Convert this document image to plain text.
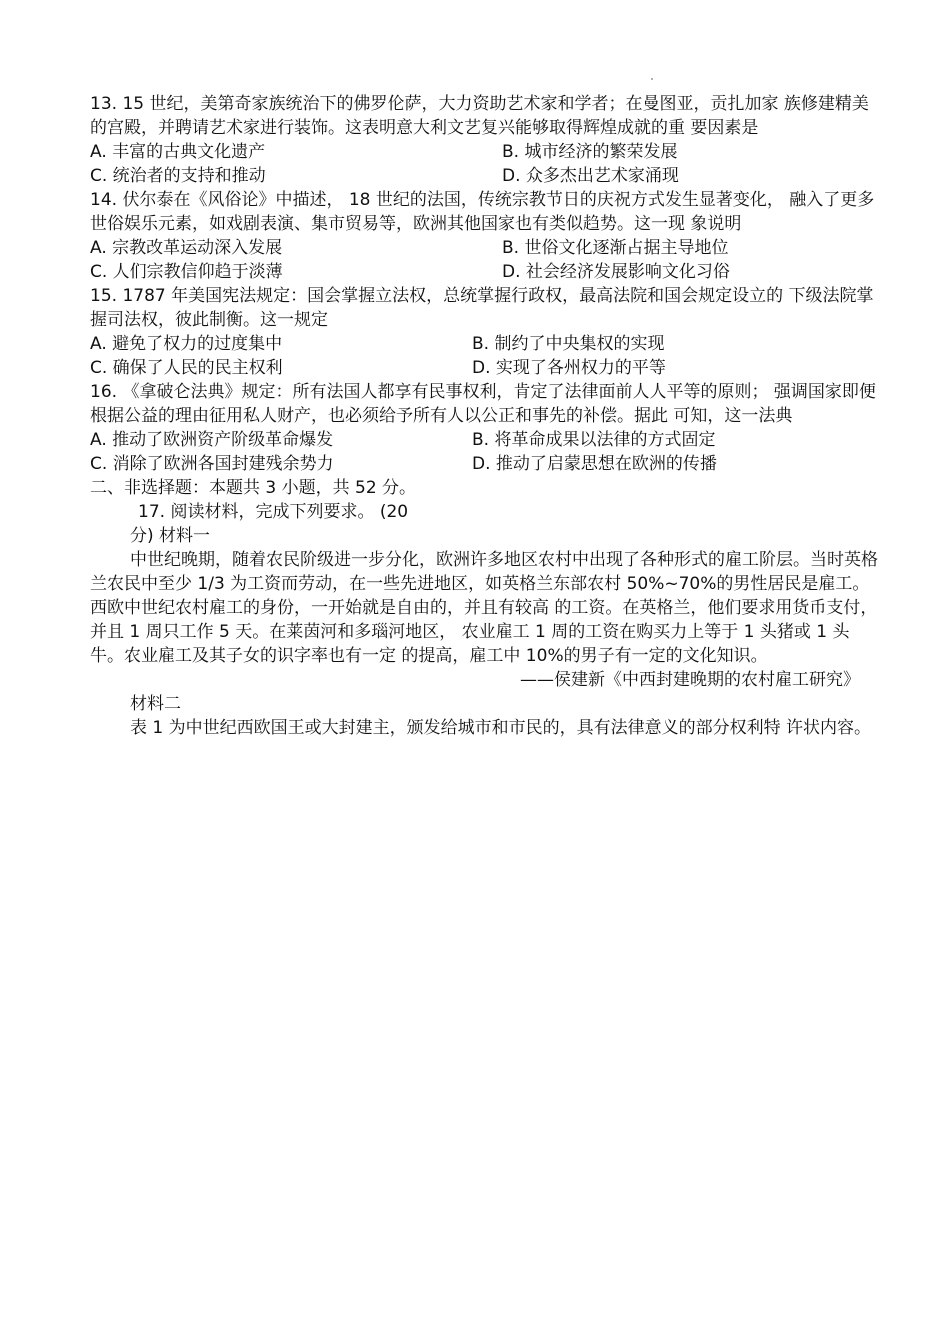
13. 15 世纪，美第奇家族统治下的佛罗伦萨，大力资助艺术家和学者；在曼图亚，贡扎加家 族修建精美的宫殿，并聘请艺术家进行装饰。这表明意大利文艺复兴能够取得辉煌成就的重 要因素是

A. 丰富的古典文化遗产	B. 城市经济的繁荣发展
C. 统治者的支持和推动	D. 众多杰出艺术家涌现

14. 伏尔泰在《风俗论》中描述， 18 世纪的法国，传统宗教节日的庆祝方式发生显著变化， 融入了更多世俗娱乐元素，如戏剧表演、集市贸易等，欧洲其他国家也有类似趋势。这一现 象说明

A. 宗教改革运动深入发展	B. 世俗文化逐渐占据主导地位
C. 人们宗教信仰趋于淡薄	D. 社会经济发展影响文化习俗

15. 1787 年美国宪法规定：国会掌握立法权，总统掌握行政权，最高法院和国会规定设立的 下级法院掌握司法权，彼此制衡。这一规定

A. 避免了权力的过度集中	B. 制约了中央集权的实现
C. 确保了人民的民主权利	D. 实现了各州权力的平等

16. 《拿破仑法典》规定：所有法国人都享有民事权利，肯定了法律面前人人平等的原则； 强调国家即便根据公益的理由征用私人财产，也必须给予所有人以公正和事先的补偿。据此 可知，这一法典

A. 推动了欧洲资产阶级革命爆发	B. 将革命成果以法律的方式固定
C. 消除了欧洲各国封建残余势力	D. 推动了启蒙思想在欧洲的传播

二、非选择题：本题共 3 小题，共 52 分。

17. 阅读材料，完成下列要求。 (20

分) 材料一

中世纪晚期，随着农民阶级进一步分化，欧洲许多地区农村中出现了各种形式的雇工阶层。当时英格兰农民中至少 1/3 为工资而劳动，在一些先进地区，如英格兰东部农村 50%~70%的男性居民是雇工。西欧中世纪农村雇工的身份，一开始就是自由的，并且有较高 的工资。在英格兰，他们要求用货币支付，并且 1 周只工作 5 天。在莱茵河和多瑙河地区， 农业雇工 1 周的工资在购买力上等于 1 头猪或 1 头牛。农业雇工及其子女的识字率也有一定 的提高，雇工中 10%的男子有一定的文化知识。

——侯建新《中西封建晚期的农村雇工研究》

材料二

表 1 为中世纪西欧国王或大封建主，颁发给城市和市民的，具有法律意义的部分权利特 许状内容。
